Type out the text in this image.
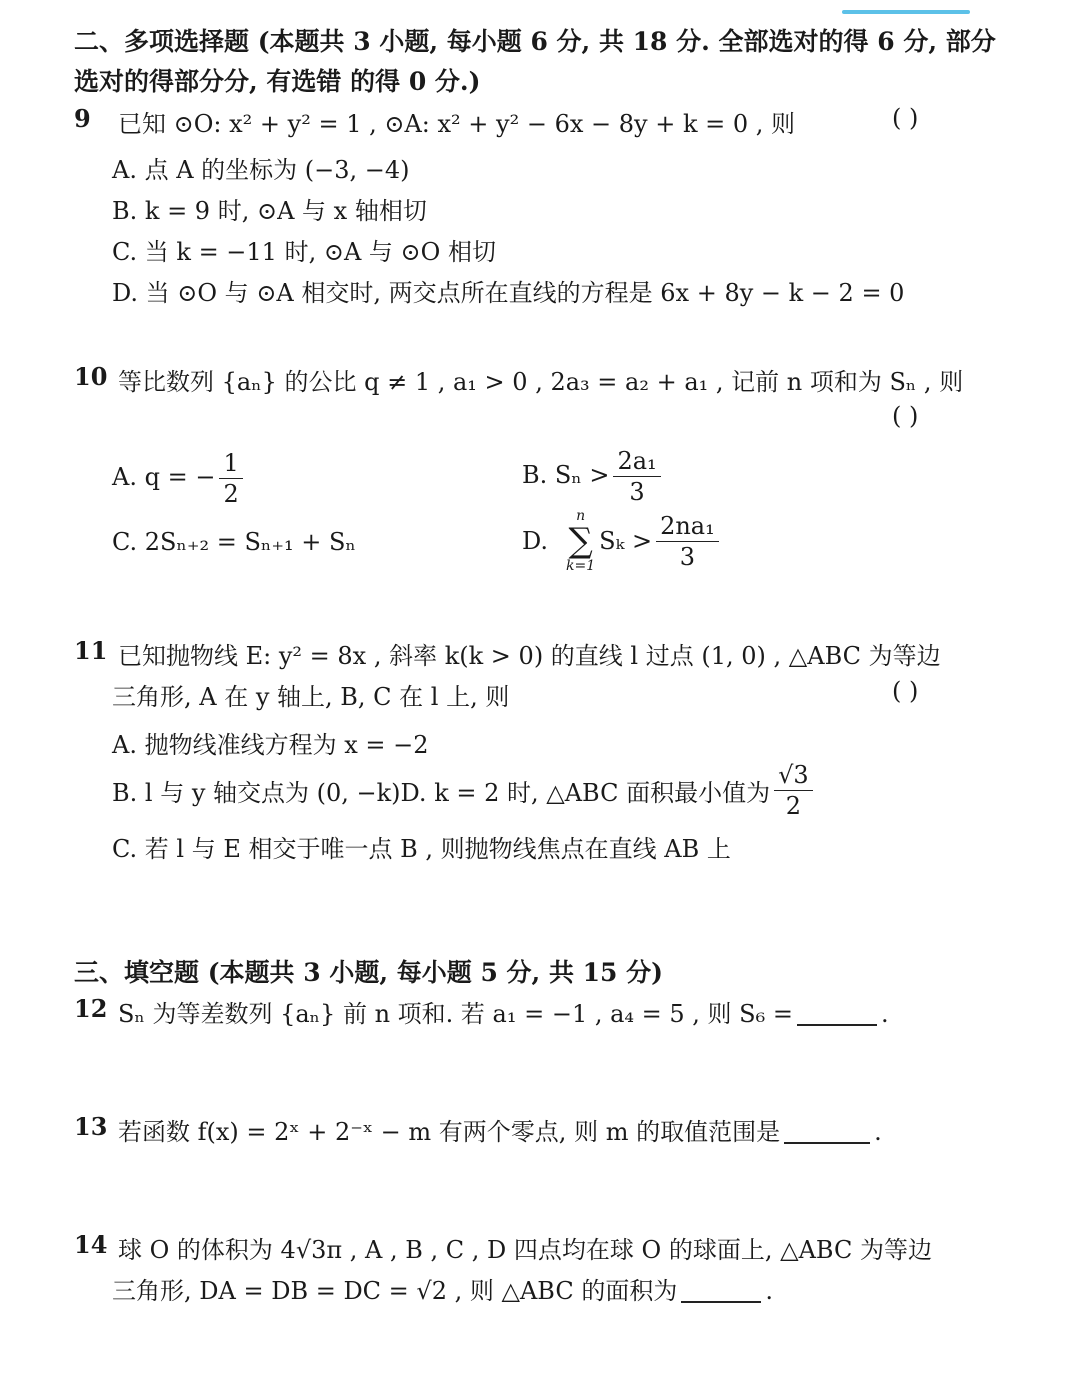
二、多项选择题 (本题共 3 小题, 每小题 6 分, 共 18 分. 全部选对的得 6 分, 部分
选对的得部分分, 有选错 的得 0 分.)
9 已知 ⊙O: x² + y² = 1 , ⊙A: x² + y² − 6x − 8y + k = 0 , 则	( )
A. 点 A 的坐标为 (−3, −4)
B. k = 9 时, ⊙A 与 x 轴相切
C. 当 k = −11 时, ⊙A 与 ⊙O 相切
D. 当 ⊙O 与 ⊙A 相交时, 两交点所在直线的方程是 6x + 8y − k − 2 = 0
10 等比数列 {aₙ} 的公比 q ≠ 1 , a₁ > 0 , 2a₃ = a₂ + a₁ , 记前 n 项和为 Sₙ , 则
( )
A. q = − $\frac{1}{2}$	B. $S_n > \frac{\text{2a₁}}{3}$
C. 2Sₙ₊₂ = Sₙ₊₁ + Sₙ	D.
n
∑
k=1
$S_k > \frac{\text{2na₁}}{3}$
11 已知抛物线 E: y² = 8x , 斜率 k(k > 0) 的直线 l 过点 (1, 0) , △ABC 为等边
三角形, A 在 y 轴上, B, C 在 l 上, 则	( )
A. 抛物线准线方程为 x = −2
B. l 与 y 轴交点为 (0, −k)D. k = 2 时, △ABC 面积最小值为 $\frac{√3}{2}$
C. 若 l 与 E 相交于唯一点 B , 则抛物线焦点在直线 AB 上
三、填空题 (本题共 3 小题, 每小题 5 分, 共 15 分)
12 Sₙ 为等差数列 {aₙ} 前 n 项和. 若 a₁ = −1 , a₄ = 5 , 则 S₆ =	.
13 若函数 f(x) = 2ˣ + 2⁻ˣ − m 有两个零点, 则 m 的取值范围是	.
14 球 O 的体积为 4√3π , A , B , C , D 四点均在球 O 的球面上, △ABC 为等边
三角形, DA = DB = DC = √2 , 则 △ABC 的面积为	.
